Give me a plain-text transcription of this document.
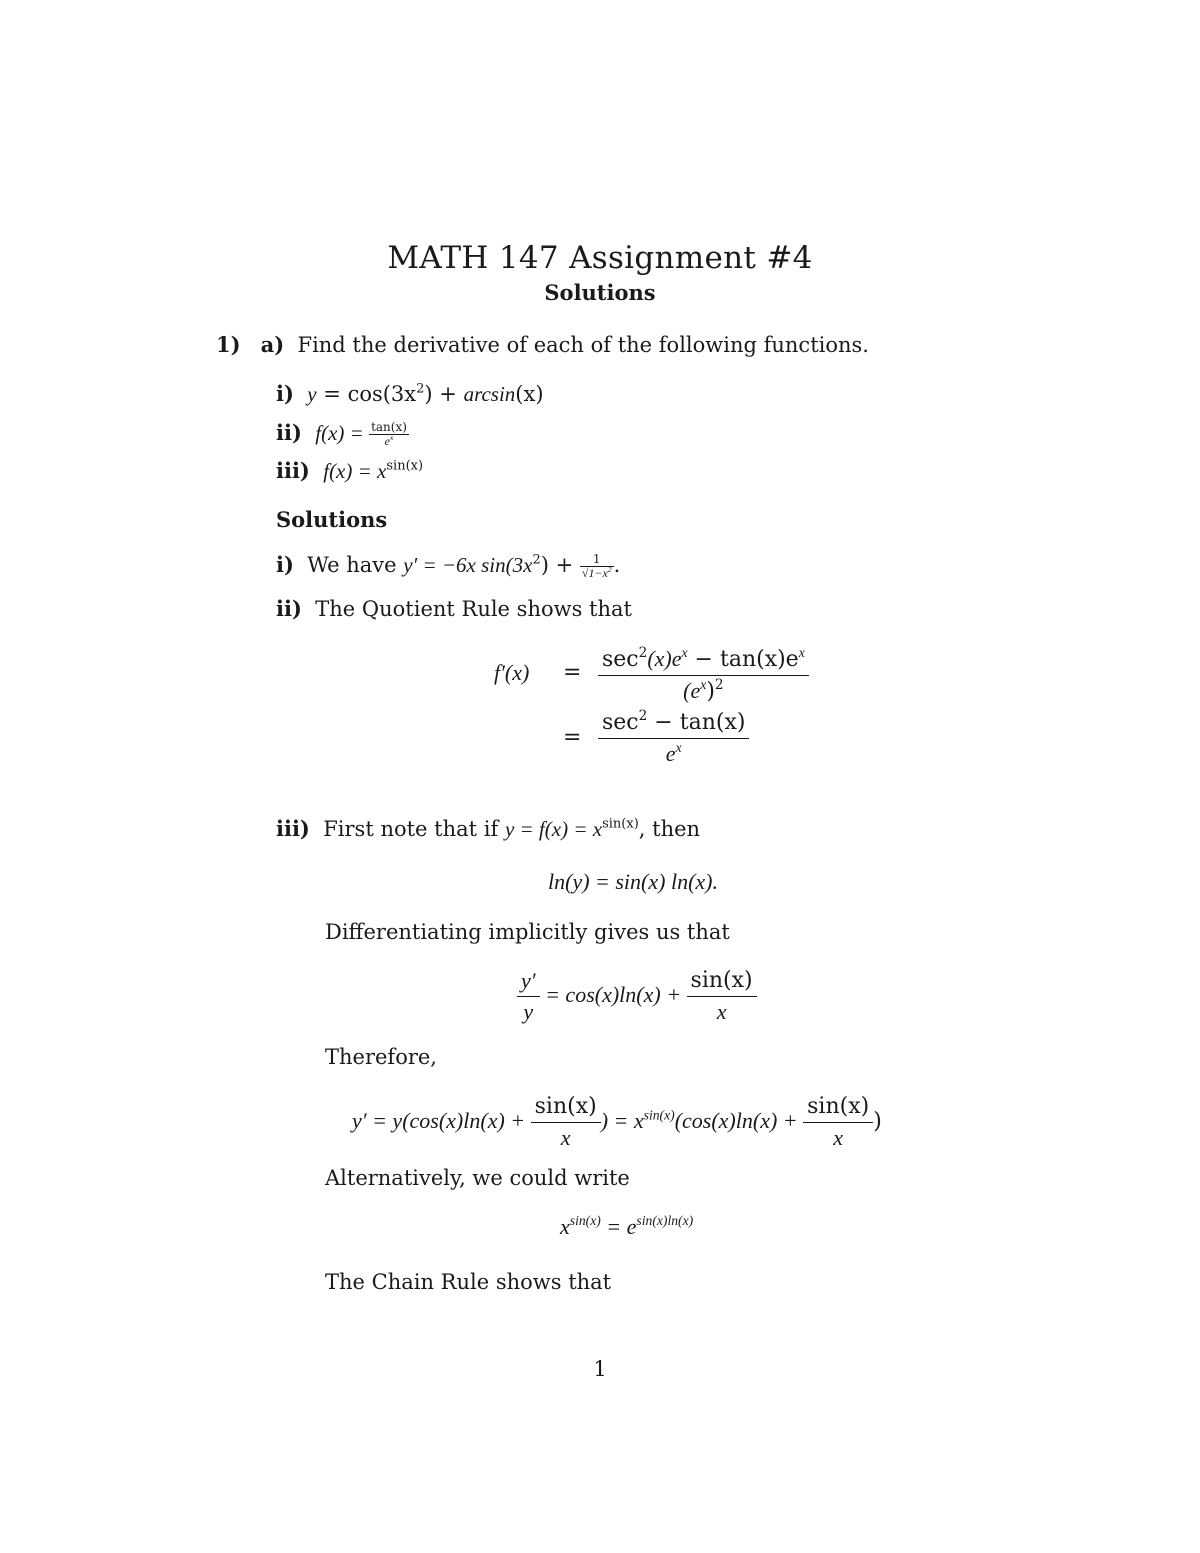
MATH 147 Assignment #4
Solutions
1) a) Find the derivative of each of the following functions.
i) $y = \cos(3x^2) + \arcsin(x)$
ii) $f(x) = \frac{\tan(x)}{e^x}$
iii) $f(x) = x^{sin(x)}$
Solutions
i) We have y′ = −6x $\sin(3x^2) + \frac{1}{√1-x^2}$ .
ii) The Quotient Rule shows that
$f'(x) = \frac{\sec^2(x)e^x - \tan(x)e^x}{(e^x)^2}$
= $\frac{\sec^2 - \tan(x)}{e^x}$
iii) First note that if $y = f(x) = x^{sin(x)}$, then
ln(y) = sin(x) ln(x).
Differentiating implicitly gives us that
$\frac{y'}{y} = \cos(x)\ln(x) + \frac{\sin(x)}{x}$
Therefore,
$y' = y(\cos(x)\ln(x) + \frac{\sin(x)}{x}$ ) = $x^{sin(x)}(\cos(x)\ln(x) + \frac{\sin(x)}{x}$ )
Alternatively, we could write
$x^{sin(x)} = e^{sin(x)ln(x)}$
The Chain Rule shows that
1
